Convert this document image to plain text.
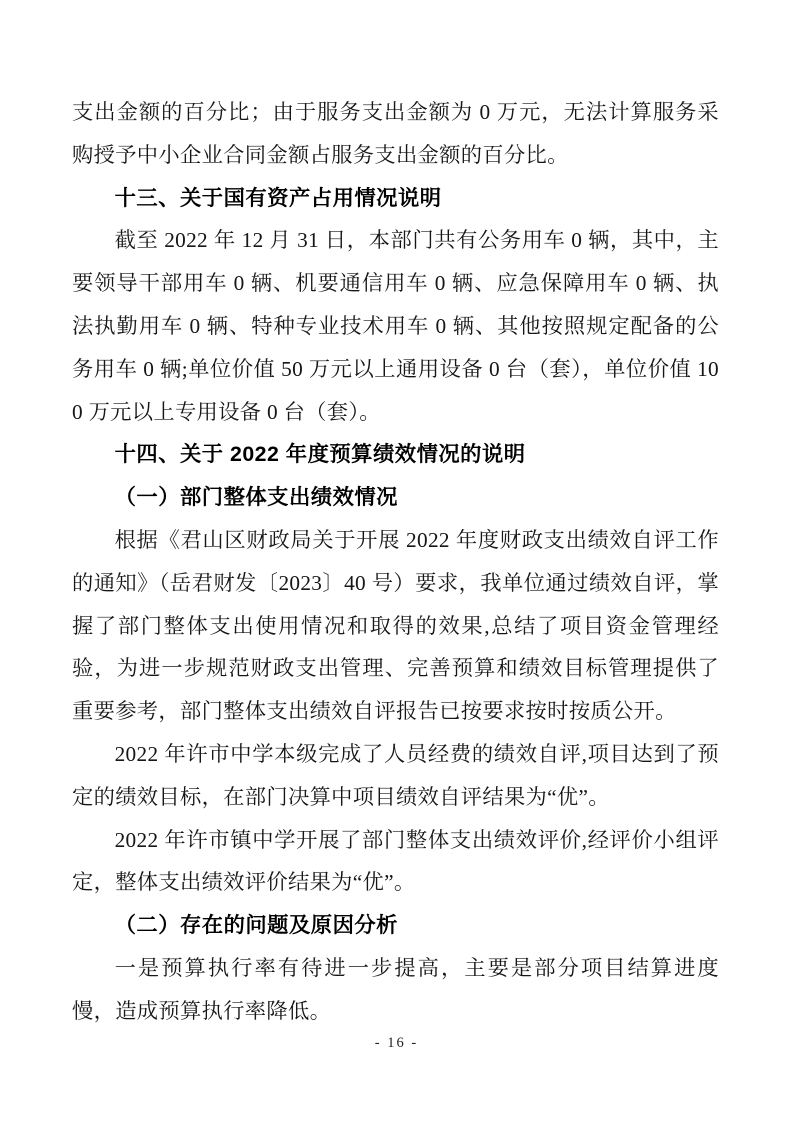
支出金额的百分比；由于服务支出金额为 0 万元，无法计算服务采购授予中小企业合同金额占服务支出金额的百分比。

十三、关于国有资产占用情况说明

截至 2022 年 12 月 31 日，本部门共有公务用车 0 辆，其中，主要领导干部用车 0 辆、机要通信用车 0 辆、应急保障用车 0 辆、执法执勤用车 0 辆、特种专业技术用车 0 辆、其他按照规定配备的公务用车 0 辆;单位价值 50 万元以上通用设备 0 台（套），单位价值 100 万元以上专用设备 0 台（套）。

十四、关于 2022 年度预算绩效情况的说明

（一）部门整体支出绩效情况

根据《君山区财政局关于开展 2022 年度财政支出绩效自评工作的通知》（岳君财发〔2023〕40 号）要求，我单位通过绩效自评，掌握了部门整体支出使用情况和取得的效果,总结了项目资金管理经验，为进一步规范财政支出管理、完善预算和绩效目标管理提供了重要参考，部门整体支出绩效自评报告已按要求按时按质公开。

2022 年许市中学本级完成了人员经费的绩效自评,项目达到了预定的绩效目标，在部门决算中项目绩效自评结果为“优”。

2022 年许市镇中学开展了部门整体支出绩效评价,经评价小组评定，整体支出绩效评价结果为“优”。

（二）存在的问题及原因分析

一是预算执行率有待进一步提高，主要是部分项目结算进度慢，造成预算执行率降低。

- 16 -
